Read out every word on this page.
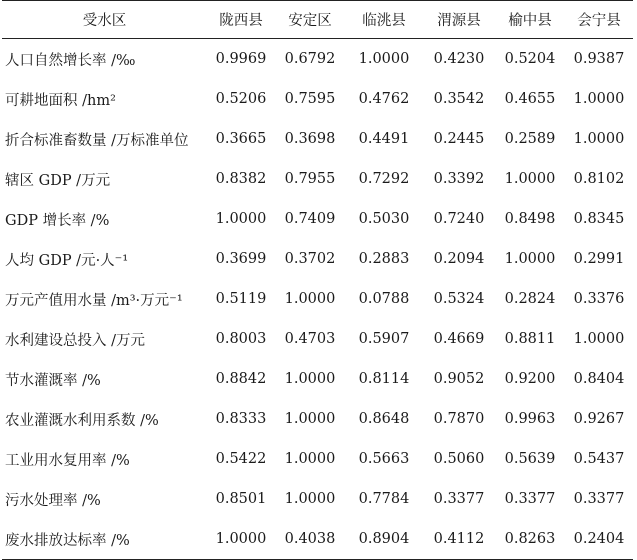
受水区	陇西县	安定区	临洮县	渭源县	榆中县	会宁县
人口自然增长率 /‰	0.9969	0.6792	1.0000	0.4230	0.5204	0.9387
可耕地面积 /hm²	0.5206	0.7595	0.4762	0.3542	0.4655	1.0000
折合标准畜数量 /万标准单位	0.3665	0.3698	0.4491	0.2445	0.2589	1.0000
辖区 GDP /万元	0.8382	0.7955	0.7292	0.3392	1.0000	0.8102
GDP 增长率 /%	1.0000	0.7409	0.5030	0.7240	0.8498	0.8345
人均 GDP /元·人⁻¹	0.3699	0.3702	0.2883	0.2094	1.0000	0.2991
万元产值用水量 /m³·万元⁻¹	0.5119	1.0000	0.0788	0.5324	0.2824	0.3376
水利建设总投入 /万元	0.8003	0.4703	0.5907	0.4669	0.8811	1.0000
节水灌溉率 /%	0.8842	1.0000	0.8114	0.9052	0.9200	0.8404
农业灌溉水利用系数 /%	0.8333	1.0000	0.8648	0.7870	0.9963	0.9267
工业用水复用率 /%	0.5422	1.0000	0.5663	0.5060	0.5639	0.5437
污水处理率 /%	0.8501	1.0000	0.7784	0.3377	0.3377	0.3377
废水排放达标率 /%	1.0000	0.4038	0.8904	0.4112	0.8263	0.2404
